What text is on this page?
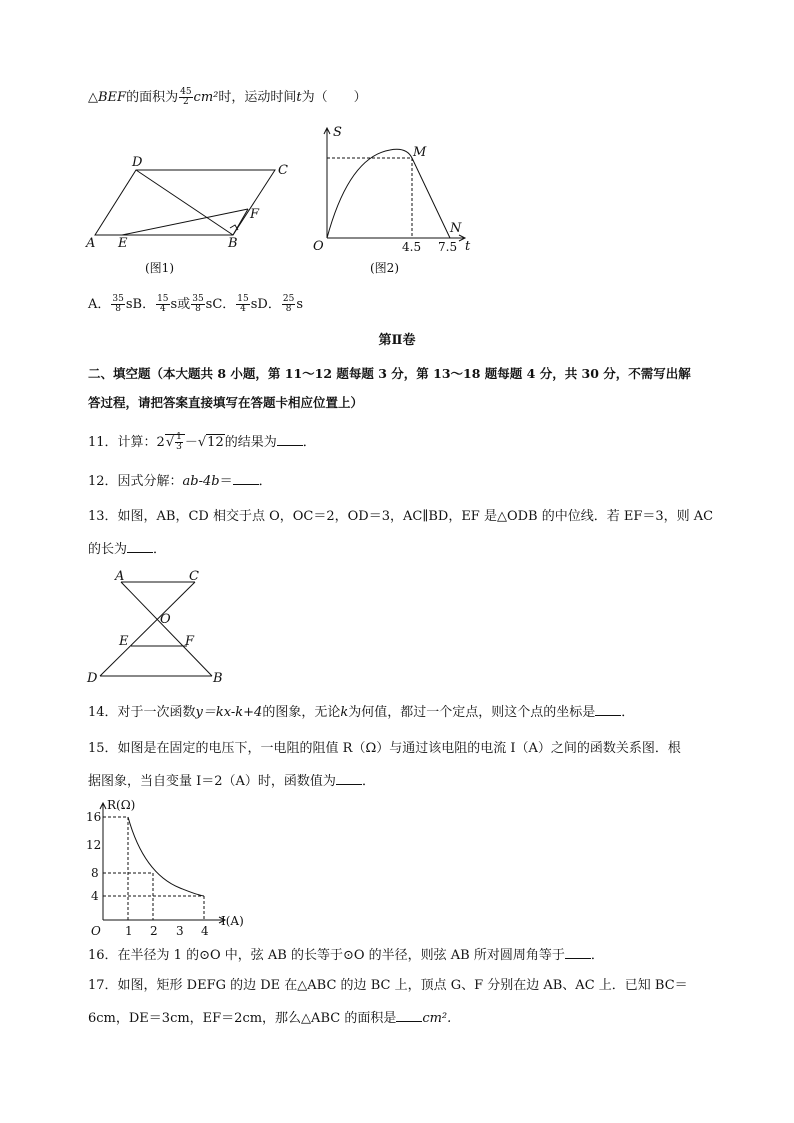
△BEF的面积为 $\frac{45}{2} cm^2$时，运动时间t为（　　）
D
C
F
A E	B
(图1)
S
M
O
N
t
4.5 7.5
(图2)
A． $\frac{35}{8}$ sB． $\frac{15}{4}$ s或 $\frac{35}{8}$ sC． $\frac{15}{4}$ sD． $\frac{25}{8}$ s
第Ⅱ卷
二、填空题（本大题共 8 小题，第 11～12 题每题 3 分，第 13～18 题每题 4 分，共 30 分，不需写出解
答过程，请把答案直接填写在答题卡相应位置上）
11．计算：$2√ \frac{1}{3} -√12$的结果为 ．
12．因式分解：ab-4b＝ ．
13．如图，AB，CD 相交于点 O，OC＝2，OD＝3，AC∥BD，EF 是△ODB 的中位线．若 EF＝3，则 AC
的长为 ．
A	C
O
E	F
D	B
14．对于一次函数y＝kx-k+4的图象，无论k为何值，都过一个定点，则这个点的坐标是 ．
15．如图是在固定的电压下，一电阻的阻值 R（Ω）与通过该电阻的电流 I（A）之间的函数关系图．根
据图象，当自变量 I＝2（A）时，函数值为 ．
R(Ω)
I(A)
O
16
12
8
4
1 2 3 4
16．在半径为 1 的⊙O 中，弦 AB 的长等于⊙O 的半径，则弦 AB 所对圆周角等于 ．
17．如图，矩形 DEFG 的边 DE 在△ABC 的边 BC 上，顶点 G、F 分别在边 AB、AC 上．已知 BC＝
6cm，DE＝3cm，EF＝2cm，那么△ABC 的面积是 cm².
